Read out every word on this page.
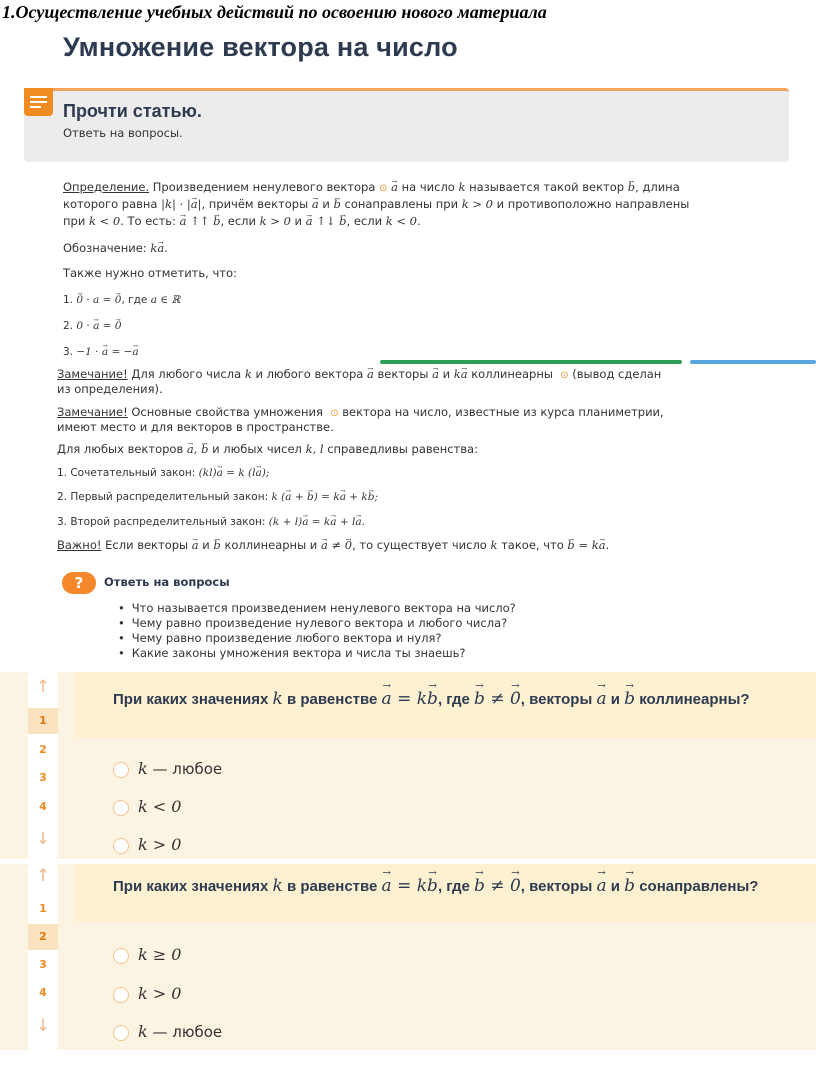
1.Осуществление учебных действий по освоению нового материала
Умножение вектора на число
Прочти статью.
Ответь на вопросы.
Определение. Произведением ненулевого вектора ⊙ → a на число k называется такой вектор → b, длина
которого равна |k| · |→ a|, причём векторы → a и → b сонаправлены при k > 0 и противоположно направлены
при k < 0. То есть: → a ↑↑ → b, если k > 0 и → a ↑↓ → b, если k < 0.
Обозначение: k→ a.
Также нужно отметить, что:
1. → 0 · a = → 0, где a ∈ ℝ
2. 0 · → a = → 0
3. −1 · → a = −→ a
Замечание! Для любого числа k и любого вектора → a векторы → a и k→ a коллинеарны ⊙ (вывод сделан
из определения).
Замечание! Основные свойства умножения ⊙ вектора на число, известные из курса планиметрии,
имеют место и для векторов в пространстве.
Для любых векторов → a, → b и любых чисел k, l справедливы равенства:
1. Сочетательный закон: (kl)→ a = k (l→ a);
2. Первый распределительный закон: k (→ a + → b) = k→ a + k→ b;
3. Второй распределительный закон: (k + l)→ a = k→ a + l→ a.
Важно! Если векторы → a и → b коллинеарны и → a ≠ → 0, то существует число k такое, что → b = k→ a.
?	Ответь на вопросы
• Что называется произведением ненулевого вектора на число?
• Чему равно произведение нулевого вектора и любого числа?
• Чему равно произведение любого вектора и нуля?
• Какие законы умножения вектора и числа ты знаешь?
↑
1
2
3
4
↓
При каких значениях k в равенстве → a = k→ b, где → b ≠ → 0, векторы → a и → b коллинеарны?
k — любое
k < 0
k > 0
↑
1
2
3
4
↓
При каких значениях k в равенстве → a = k→ b, где → b ≠ → 0, векторы → a и → b сонаправлены?
k ≥ 0
k > 0
k — любое
